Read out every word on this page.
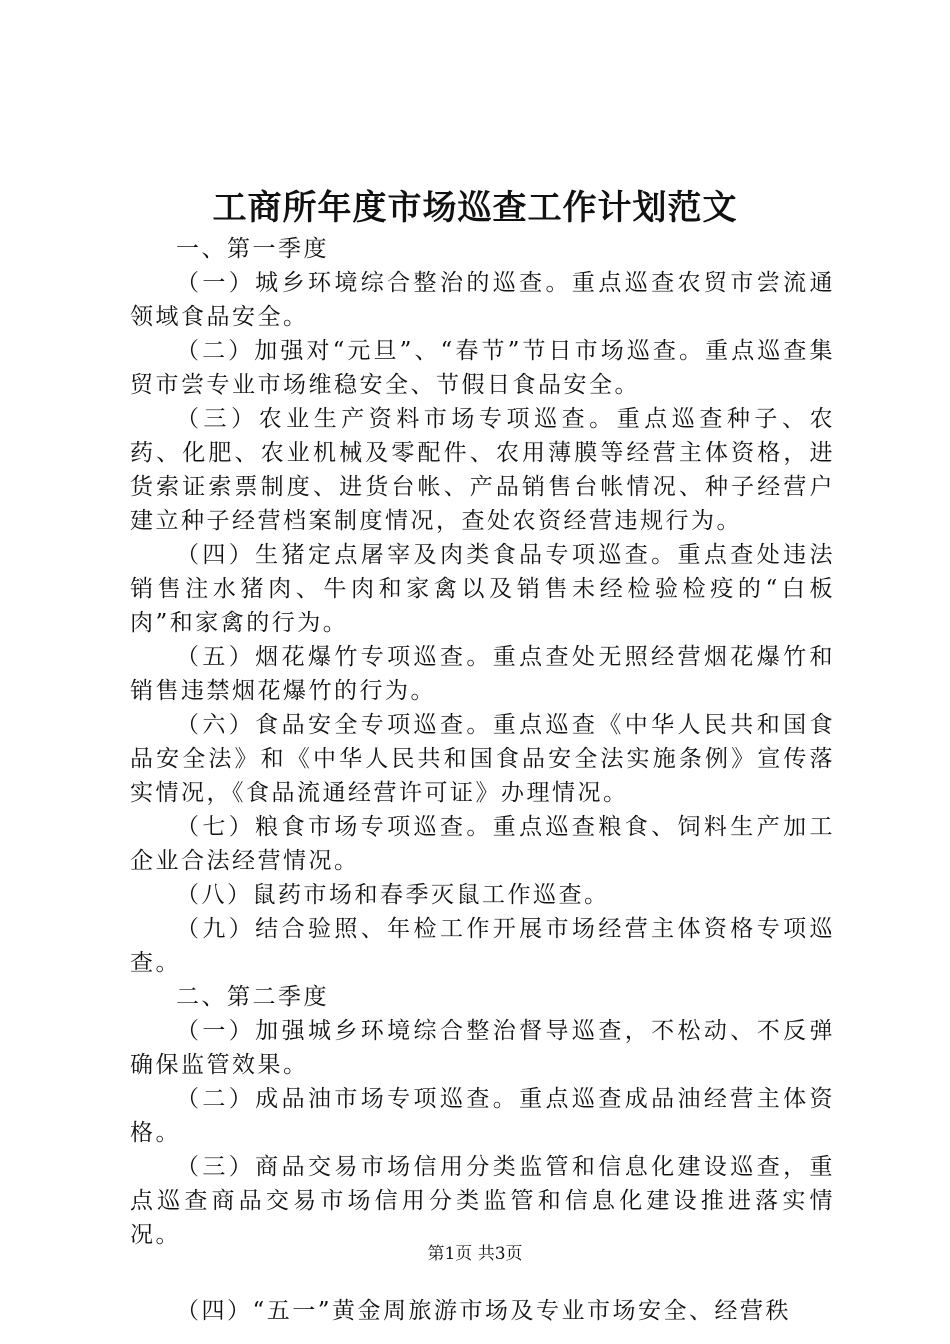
工商所年度市场巡查工作计划范文

一、第一季度

（一）城乡环境综合整治的巡查。重点巡查农贸市尝流通领域食品安全。

（二）加强对“元旦”、“春节”节日市场巡查。重点巡查集贸市尝专业市场维稳安全、节假日食品安全。

（三）农业生产资料市场专项巡查。重点巡查种子、农药、化肥、农业机械及零配件、农用薄膜等经营主体资格，进货索证索票制度、进货台帐、产品销售台帐情况、种子经营户建立种子经营档案制度情况，查处农资经营违规行为。

（四）生猪定点屠宰及肉类食品专项巡查。重点查处违法销售注水猪肉、牛肉和家禽以及销售未经检验检疫的“白板肉”和家禽的行为。

（五）烟花爆竹专项巡查。重点查处无照经营烟花爆竹和销售违禁烟花爆竹的行为。

（六）食品安全专项巡查。重点巡查《中华人民共和国食品安全法》和《中华人民共和国食品安全法实施条例》宣传落实情况，《食品流通经营许可证》办理情况。

（七）粮食市场专项巡查。重点巡查粮食、饲料生产加工企业合法经营情况。

（八）鼠药市场和春季灭鼠工作巡查。

（九）结合验照、年检工作开展市场经营主体资格专项巡查。

二、第二季度

（一）加强城乡环境综合整治督导巡查，不松动、不反弹确保监管效果。

（二）成品油市场专项巡查。重点巡查成品油经营主体资格。

（三）商品交易市场信用分类监管和信息化建设巡查，重点巡查商品交易市场信用分类监管和信息化建设推进落实情况。

（四）“五一”黄金周旅游市场及专业市场安全、经营秩

第1页 共3页
